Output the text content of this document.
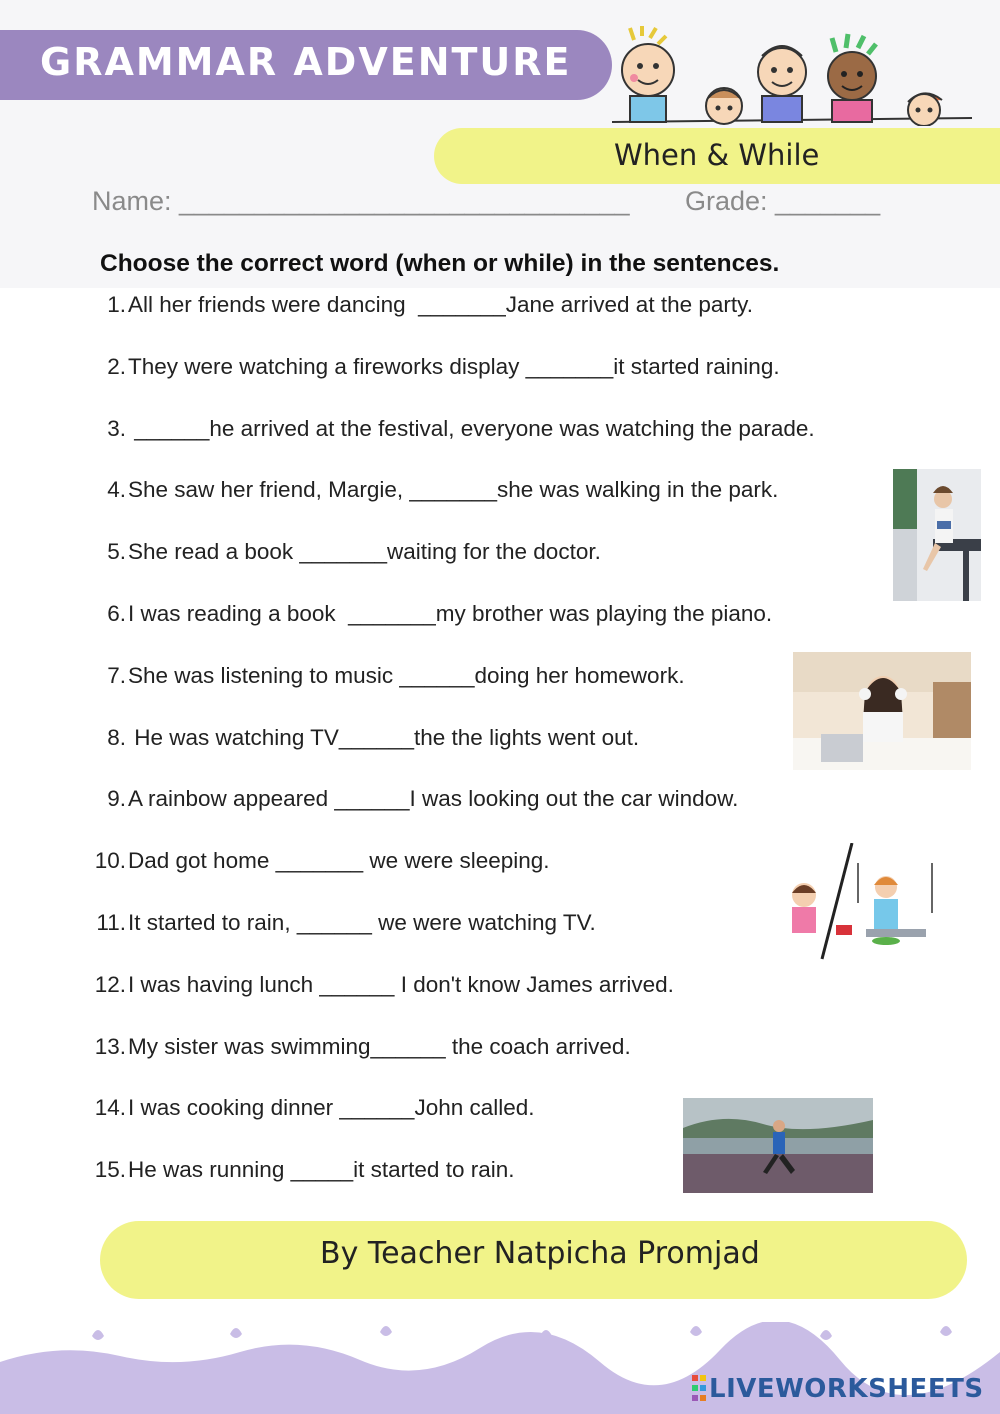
GRAMMAR ADVENTURE
When & While
Name: ______________________________ Grade: _______
Choose the correct word (when or while) in the sentences.
1.All her friends were dancing  _______Jane arrived at the party.
2.They were watching a fireworks display _______it started raining.
3. ______he arrived at the festival, everyone was watching the parade.
4.She saw her friend, Margie, _______she was walking in the park.
5.She read a book _______waiting for the doctor.
6.I was reading a book  _______my brother was playing the piano.
7.She was listening to music ______doing her homework.
8. He was watching TV______the the lights went out.
9.A rainbow appeared ______I was looking out the car window.
10.Dad got home _______ we were sleeping.
11.It started to rain, ______ we were watching TV.
12.I was having lunch ______ I don't know James arrived.
13.My sister was swimming______ the coach arrived.
14.I was cooking dinner ______John called.
15.He was running _____it started to rain.
By Teacher Natpicha Promjad
LIVEWORKSHEETS
